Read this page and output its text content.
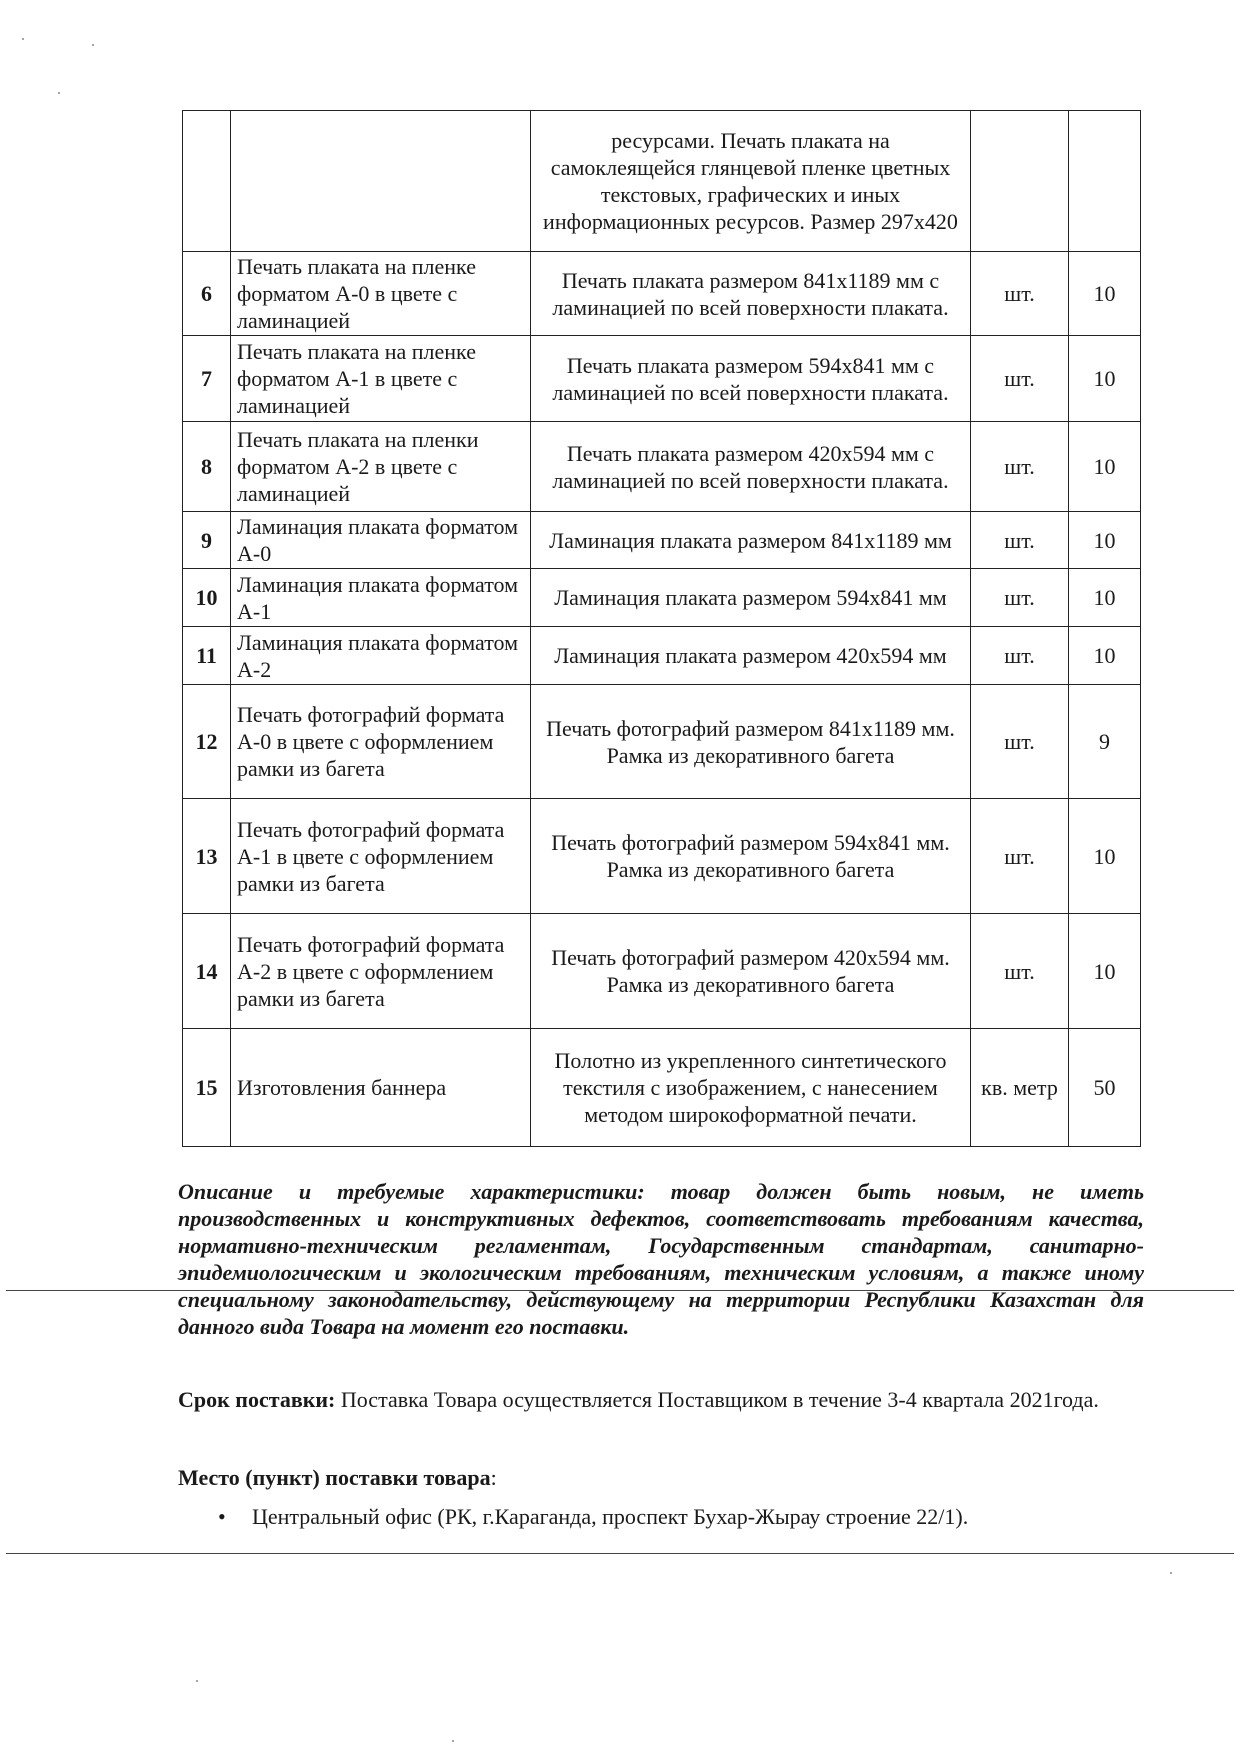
		ресурсами. Печать плаката на самоклеящейся глянцевой пленке цветных текстовых, графических и иных информационных ресурсов. Размер 297х420		
6	Печать плаката на пленке форматом А-0 в цвете с ламинацией	Печать плаката размером 841х1189 мм с ламинацией по всей поверхности плаката.	шт.	10
7	Печать плаката на пленке форматом А-1 в цвете с ламинацией	Печать плаката размером 594х841 мм с ламинацией по всей поверхности плаката.	шт.	10
8	Печать плаката на пленки форматом А-2 в цвете с ламинацией	Печать плаката размером 420х594 мм с ламинацией по всей поверхности плаката.	шт.	10
9	Ламинация плаката форматом А-0	Ламинация плаката размером 841х1189 мм	шт.	10
10	Ламинация плаката форматом А-1	Ламинация плаката размером 594х841 мм	шт.	10
11	Ламинация плаката форматом А-2	Ламинация плаката размером 420х594 мм	шт.	10
12	Печать фотографий формата А-0 в цвете с оформлением рамки из багета	Печать фотографий размером 841х1189 мм. Рамка из декоративного багета	шт.	9
13	Печать фотографий формата А-1 в цвете с оформлением рамки из багета	Печать фотографий размером 594х841 мм. Рамка из декоративного багета	шт.	10
14	Печать фотографий формата А-2 в цвете с оформлением рамки из багета	Печать фотографий размером 420х594 мм. Рамка из декоративного багета	шт.	10
15	Изготовления баннера	Полотно из укрепленного синтетического текстиля с изображением, с нанесением методом широкоформатной печати.	кв. метр	50

Описание и требуемые характеристики: товар должен быть новым, не иметь производственных и конструктивных дефектов, соответствовать требованиям качества, нормативно-техническим регламентам, Государственным стандартам, санитарно-эпидемиологическим и экологическим требованиям, техническим условиям, а также иному специальному законодательству, действующему на территории Республики Казахстан для данного вида Товара на момент его поставки.

Срок поставки: Поставка Товара осуществляется Поставщиком в течение 3-4 квартала 2021года.

Место (пункт) поставки товара:

• Центральный офис (РК, г.Караганда, проспект Бухар-Жырау строение 22/1).
